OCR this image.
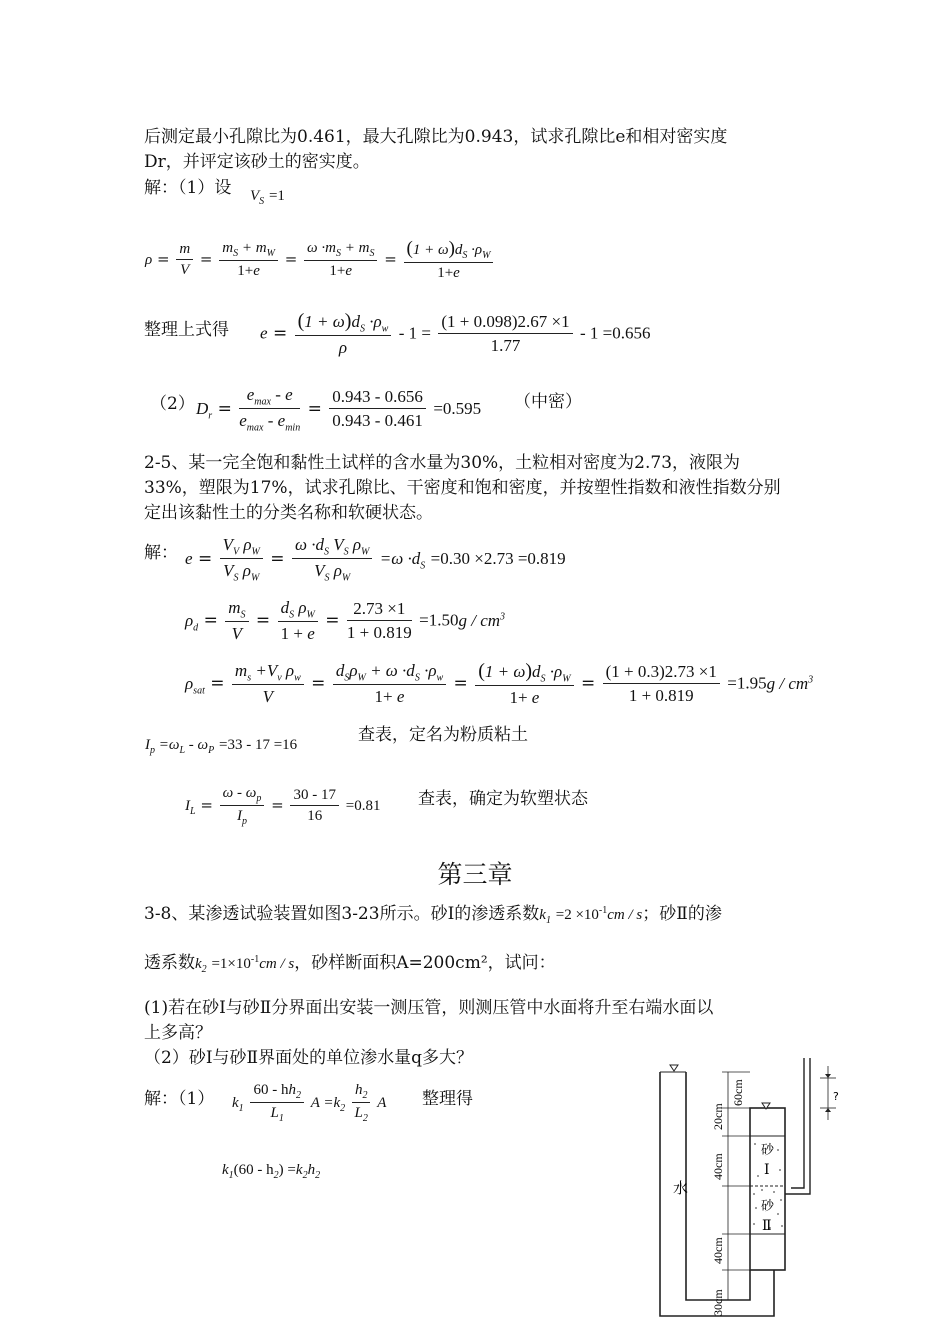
后测定最小孔隙比为0.461，最大孔隙比为0.943，试求孔隙比e和相对密实度
Dr，并评定该砂土的密实度。
解：（1）设 $V_S =1$
$\rho = \frac{m}{V} = \frac{m_S + m_W}{1+e} = \frac{\omega \cdot m_S + m_S}{1+e} = \frac{(1 + \omega)d_S \cdot\rho_W}{1+e}$
整理上式得 $e = \frac{(1 + \omega)d_S \cdot\rho_w}{\rho} - 1 = \frac{(1 + 0.098)2.67 \times 1}{1.77} - 1 =0.656$
（2） $D_r$ =
$e_{max}$ - e
$e_{max} - e_{min}$
= $\frac{0.943 - 0.656}{0.943 - 0.461} =0.595$ （中密）
2-5、某一完全饱和黏性土试样的含水量为30%，土粒相对密度为2.73，液限为
33%，塑限为17%，试求孔隙比、干密度和饱和密度，并按塑性指数和液性指数分别
定出该黏性土的分类名称和软硬状态。
解： $e = \frac{V_V \rho_W}{V_S \rho_W} = \frac{\omega \cdot d_S V_S \rho_W}{V_S \rho_W} =\omega \cdot d_S =0.30 \times 2.73 =0.819$
$\rho_d = \frac{m_S}{V} = \frac{d_S \rho_W}{1 + e} = \frac{2.73 \times 1}{1 + 0.819} =1.50g / cm^3$
$\rho_{sat} = \frac{m_s +V_v \rho_w}{V}$ =
$d_S\rho_W + \omega \cdot d_S \cdot\rho_w$
1+ e
= $\frac{(1 + \omega)d_S \cdot\rho_W}{1+ e} = \frac{(1 + 0.3)2.73 \times 1}{1 + 0.819} =1.95g / cm^3$
$I_p =\omega_L - \omega_P =33 - 17 =16$	查表，定名为粉质粘土
$I_L = \frac{\omega - \omega_p}{I_p} = \frac{30 - 17}{16} =0.81$ 查表，确定为软塑状态
第三章
3-8、某渗透试验装置如图3-23所示。砂Ⅰ的渗透系数$k_1 =2 \times 10^{-1}cm / s$；砂Ⅱ的渗
透系数$k_2 =1\times 10^{-1}cm / s$，砂样断面积A=200cm²，试问：
(1)若在砂Ⅰ与砂Ⅱ分界面出安装一测压管，则测压管中水面将升至右端水面以
上多高？
（2）砂Ⅰ与砂Ⅱ界面处的单位渗水量q多大？
解：（1） $k_1 \frac{60 - hh_2}{L_1}$ $A =k_2 \frac{h_2}{L_2}$ A 整理得
$k_1(60 - h_2) =k_2h_2$
水
砂
Ⅰ
砂
Ⅱ
?
60cm
20cm
40cm
40cm
30cm
